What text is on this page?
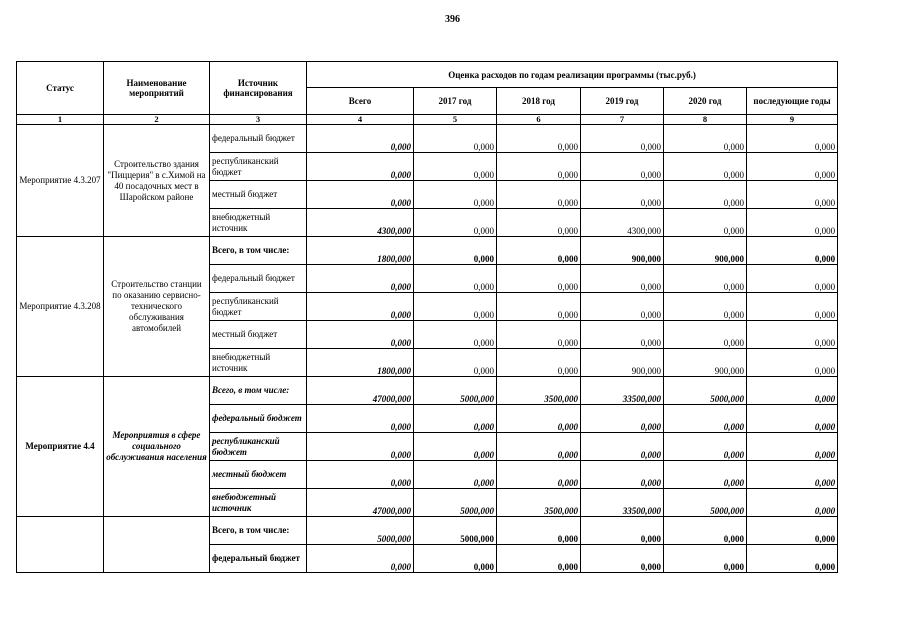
396
Статус	Наименование мероприятий	Источник финансирования	Оценка расходов по годам реализации программы (тыс.руб.)					
			Всего	2017 год	2018 год	2019 год	2020 год	последующие годы
1	2	3	4	5	6	7	8	9
Мероприятие 4.3.207	Строительство здания "Пиццерия" в с.Химой на 40 посадочных мест в Шаройском районе	федеральный бюджет	0,000	0,000	0,000	0,000	0,000	0,000
		республиканский бюджет	0,000	0,000	0,000	0,000	0,000	0,000
		местный бюджет	0,000	0,000	0,000	0,000	0,000	0,000
		внебюджетный источник	4300,000	0,000	0,000	4300,000	0,000	0,000
Мероприятие 4.3.208	Строительство станции по оказанию сервисно-технического обслуживания автомобилей	Всего, в том числе:	1800,000	0,000	0,000	900,000	900,000	0,000
		федеральный бюджет	0,000	0,000	0,000	0,000	0,000	0,000
		республиканский бюджет	0,000	0,000	0,000	0,000	0,000	0,000
		местный бюджет	0,000	0,000	0,000	0,000	0,000	0,000
		внебюджетный источник	1800,000	0,000	0,000	900,000	900,000	0,000
Мероприятие 4.4	Мероприятия в сфере социального обслуживания населения	Всего, в том числе:	47000,000	5000,000	3500,000	33500,000	5000,000	0,000
		федеральный бюджет	0,000	0,000	0,000	0,000	0,000	0,000
		республиканский бюджет	0,000	0,000	0,000	0,000	0,000	0,000
		местный бюджет	0,000	0,000	0,000	0,000	0,000	0,000
		внебюджетный источник	47000,000	5000,000	3500,000	33500,000	5000,000	0,000
		Всего, в том числе:	5000,000	5000,000	0,000	0,000	0,000	0,000
		федеральный бюджет	0,000	0,000	0,000	0,000	0,000	0,000
